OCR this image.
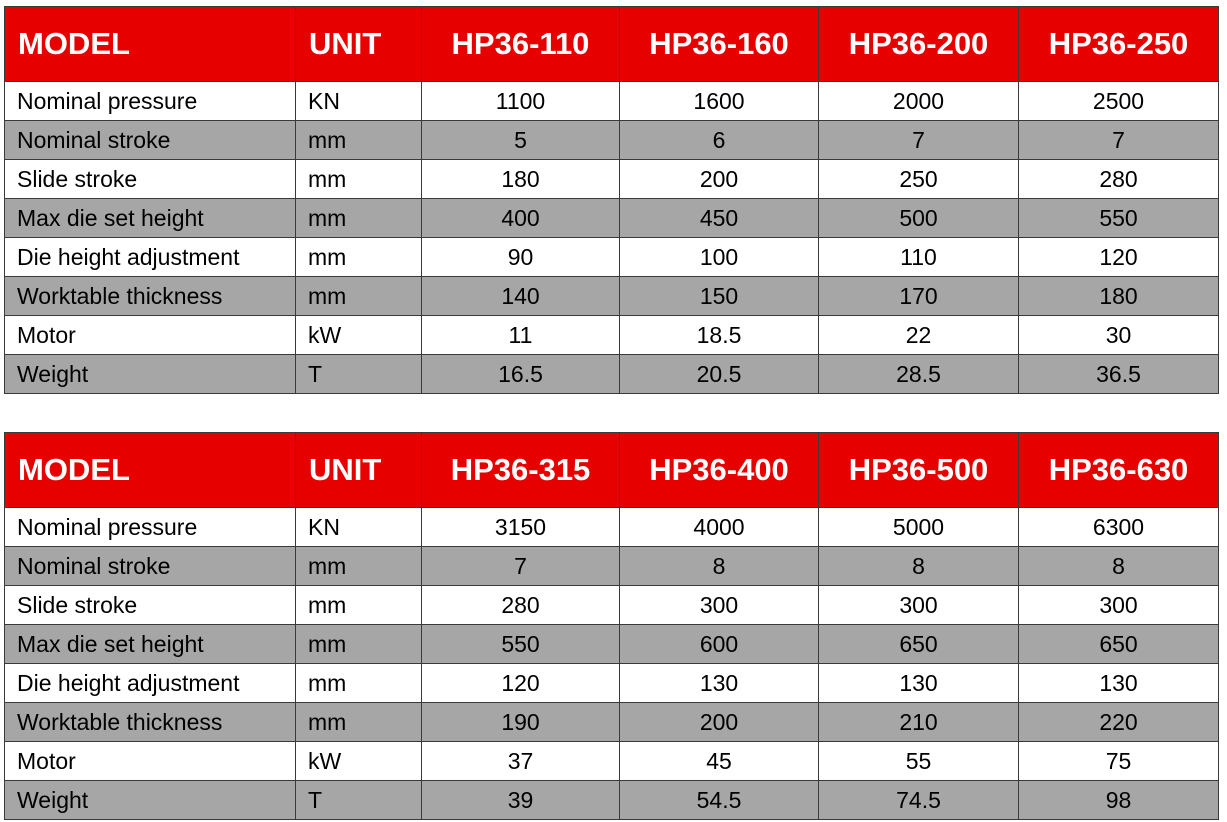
MODEL	UNIT	HP36-110	HP36-160	HP36-200	HP36-250
Nominal pressure	KN	1100	1600	2000	2500
Nominal stroke	mm	5	6	7	7
Slide stroke	mm	180	200	250	280
Max die set height	mm	400	450	500	550
Die height adjustment	mm	90	100	110	120
Worktable thickness	mm	140	150	170	180
Motor	kW	11	18.5	22	30
Weight	T	16.5	20.5	28.5	36.5
MODEL	UNIT	HP36-315	HP36-400	HP36-500	HP36-630
Nominal pressure	KN	3150	4000	5000	6300
Nominal stroke	mm	7	8	8	8
Slide stroke	mm	280	300	300	300
Max die set height	mm	550	600	650	650
Die height adjustment	mm	120	130	130	130
Worktable thickness	mm	190	200	210	220
Motor	kW	37	45	55	75
Weight	T	39	54.5	74.5	98
